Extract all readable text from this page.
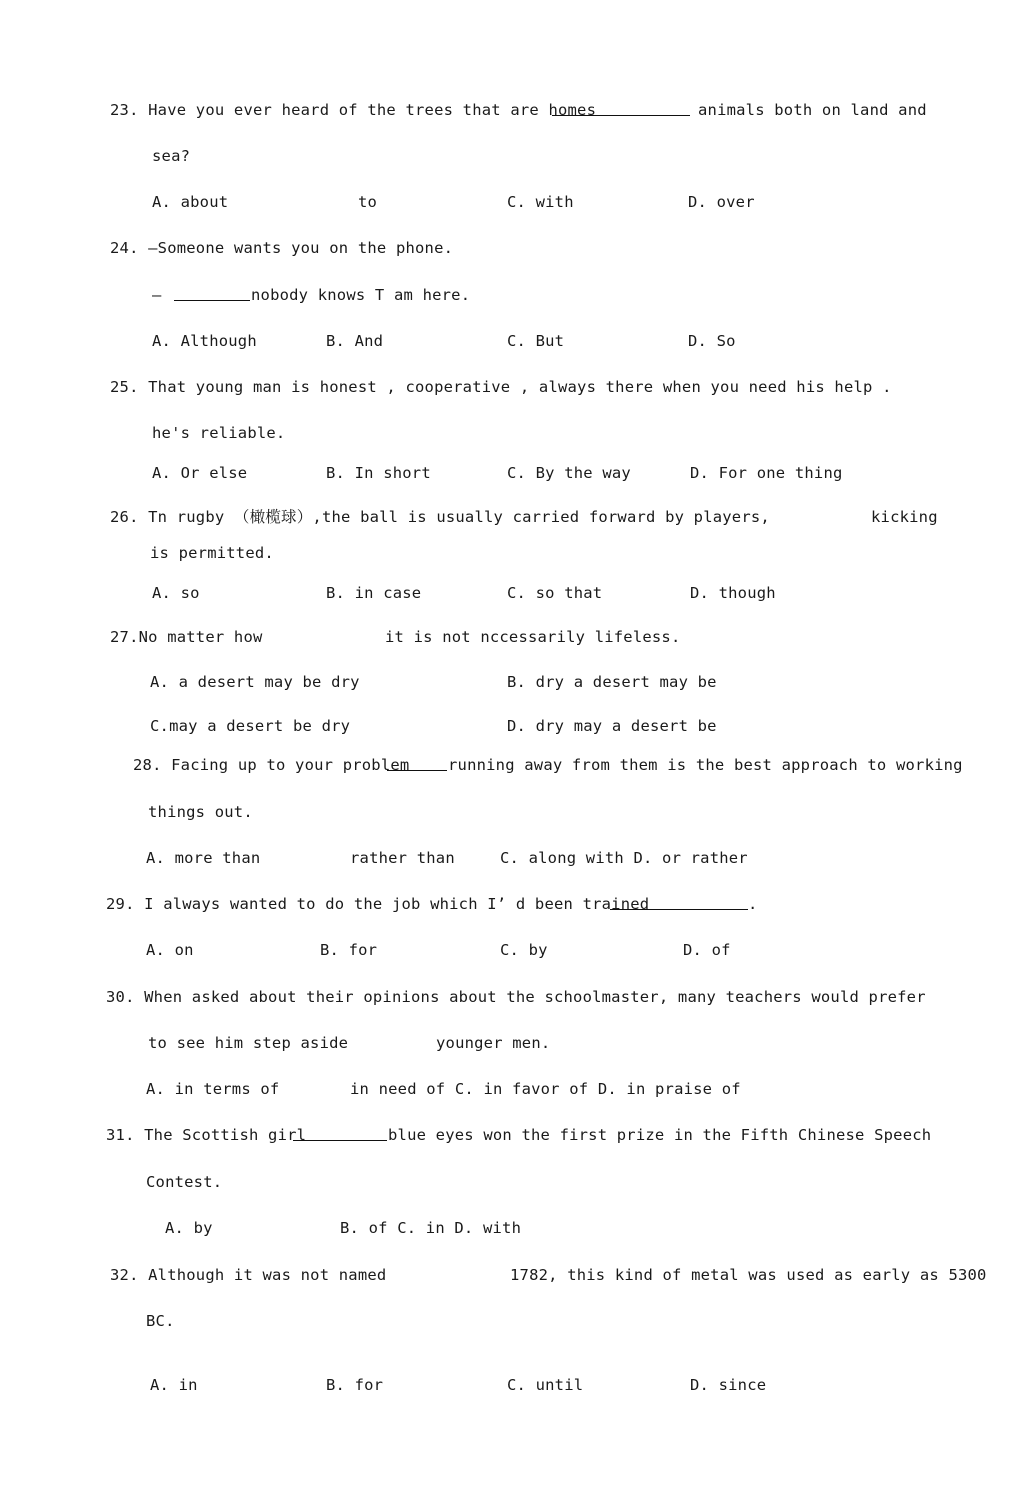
23. Have you ever heard of the trees that are homes	animals both on land and
sea?
A. about	to	C. with	D. over
24. —Someone wants you on the phone.
—	nobody knows T am here.
A. Although	B. And	C. But	D. So
25. That young man is honest , cooperative , always there when you need his help .
he's reliable.
A. Or else	B. In short	C. By the way	D. For one thing
26. Tn rugby （橄榄球）,the ball is usually carried forward by players,	kicking
is permitted.
A. so	B. in case	C. so that	D. though
27.No matter how	it is not nccessarily lifeless.
A. a desert may be dry	B. dry a desert may be
C.may a desert be dry	D. dry may a desert be
28. Facing up to your problem running away from them is the best approach to working
things out.
A. more than	rather than	C. along with D. or rather
29. I always wanted to do the job which I’ d been trained	.
A. on	B. for	C. by	D. of
30. When asked about their opinions about the schoolmaster, many teachers would prefer
to see him step aside	younger men.
A. in terms of	in need of C. in favor of D. in praise of
31. The Scottish girl	blue eyes won the first prize in the Fifth Chinese Speech
Contest.
A. by	B. of C. in D. with
32. Although it was not named	1782, this kind of metal was used as early as 5300
BC.
A. in	B. for	C. until	D. since
